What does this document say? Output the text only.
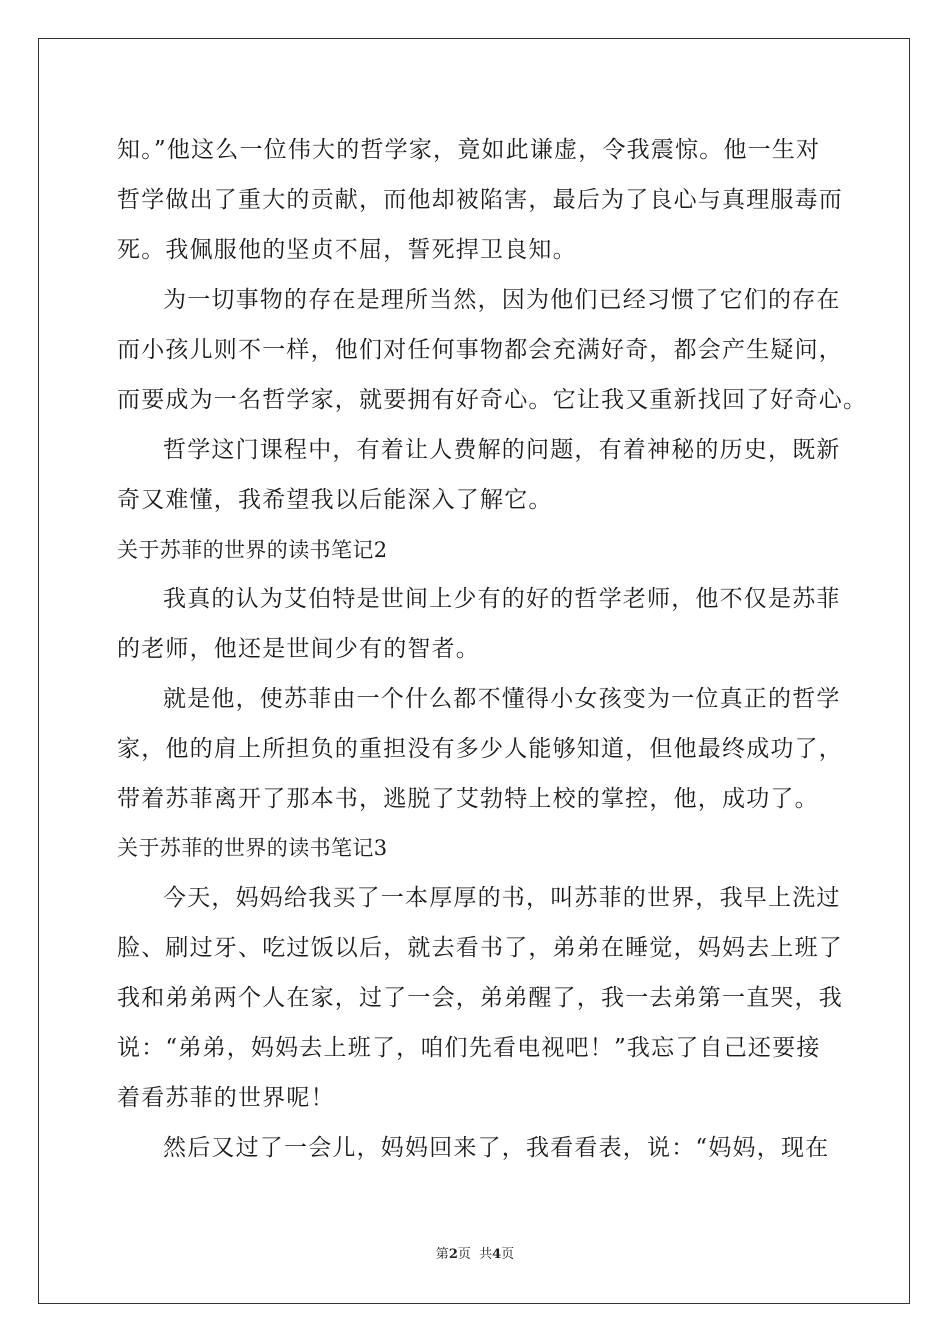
知。”他这么一位伟大的哲学家，竟如此谦虚，令我震惊。他一生对
哲学做出了重大的贡献，而他却被陷害，最后为了良心与真理服毒而
死。我佩服他的坚贞不屈，誓死捍卫良知。
为一切事物的存在是理所当然，因为他们已经习惯了它们的存在
而小孩儿则不一样，他们对任何事物都会充满好奇，都会产生疑问，
而要成为一名哲学家，就要拥有好奇心。它让我又重新找回了好奇心。
哲学这门课程中，有着让人费解的问题，有着神秘的历史，既新
奇又难懂，我希望我以后能深入了解它。
关于苏菲的世界的读书笔记2
我真的认为艾伯特是世间上少有的好的哲学老师，他不仅是苏菲
的老师，他还是世间少有的智者。
就是他，使苏菲由一个什么都不懂得小女孩变为一位真正的哲学
家，他的肩上所担负的重担没有多少人能够知道，但他最终成功了，
带着苏菲离开了那本书，逃脱了艾勃特上校的掌控，他，成功了。
关于苏菲的世界的读书笔记3
今天，妈妈给我买了一本厚厚的书，叫苏菲的世界，我早上洗过
脸、刷过牙、吃过饭以后，就去看书了，弟弟在睡觉，妈妈去上班了
我和弟弟两个人在家，过了一会，弟弟醒了，我一去弟第一直哭，我
说：“弟弟，妈妈去上班了，咱们先看电视吧！”我忘了自己还要接
着看苏菲的世界呢！
然后又过了一会儿，妈妈回来了，我看看表，说：“妈妈，现在
第2页  共4页
